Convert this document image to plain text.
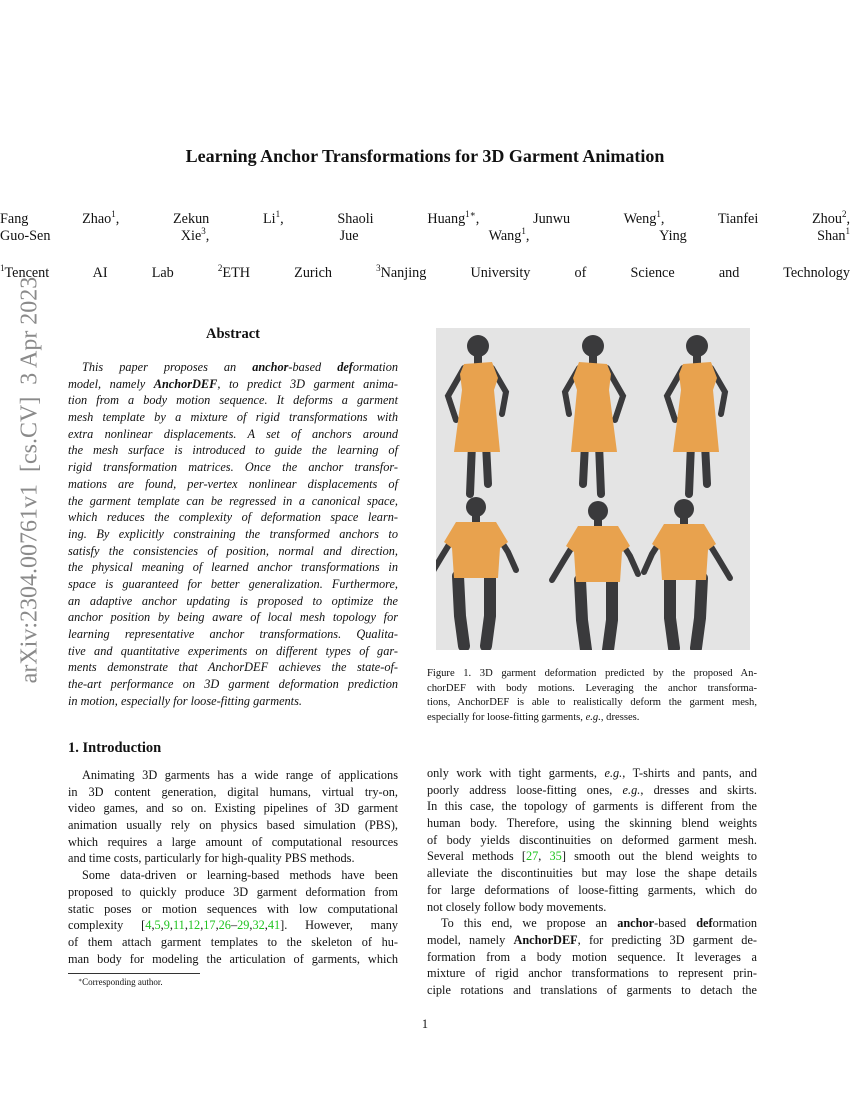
arXiv:2304.00761v1  [cs.CV]  3 Apr 2023
Learning Anchor Transformations for 3D Garment Animation
Fang Zhao$^1$, Zekun Li$^1$, Shaoli Huang$^{1∗}$, Junwu Weng$^1$, Tianfei Zhou$^2$,
Guo-Sen Xie$^3$, Jue Wang$^1$, Ying Shan$^1$
$^1$Tencent AI Lab $^2$ETH Zurich $^3$Nanjing University of Science and Technology
Abstract
This paper proposes an anchor-based deformation
model, namely AnchorDEF, to predict 3D garment anima-
tion from a body motion sequence. It deforms a garment
mesh template by a mixture of rigid transformations with
extra nonlinear displacements. A set of anchors around
the mesh surface is introduced to guide the learning of
rigid transformation matrices. Once the anchor transfor-
mations are found, per-vertex nonlinear displacements of
the garment template can be regressed in a canonical space,
which reduces the complexity of deformation space learn-
ing. By explicitly constraining the transformed anchors to
satisfy the consistencies of position, normal and direction,
the physical meaning of learned anchor transformations in
space is guaranteed for better generalization. Furthermore,
an adaptive anchor updating is proposed to optimize the
anchor position by being aware of local mesh topology for
learning representative anchor transformations. Qualita-
tive and quantitative experiments on different types of gar-
ments demonstrate that AnchorDEF achieves the state-of-
the-art performance on 3D garment deformation prediction
in motion, especially for loose-fitting garments.
Figure 1. 3D garment deformation predicted by the proposed An-
chorDEF with body motions. Leveraging the anchor transforma-
tions, AnchorDEF is able to realistically deform the garment mesh,
especially for loose-fitting garments, e.g., dresses.
1. Introduction
Animating 3D garments has a wide range of applications
in 3D content generation, digital humans, virtual try-on,
video games, and so on. Existing pipelines of 3D garment
animation usually rely on physics based simulation (PBS),
which requires a large amount of computational resources
and time costs, particularly for high-quality PBS methods.
Some data-driven or learning-based methods have been
proposed to quickly produce 3D garment deformation from
static poses or motion sequences with low computational
complexity [4,5,9,11,12,17,26–29,32,41]. However, many
of them attach garment templates to the skeleton of hu-
man body for modeling the articulation of garments, which
only work with tight garments, e.g., T-shirts and pants, and
poorly address loose-fitting ones, e.g., dresses and skirts.
In this case, the topology of garments is different from the
human body. Therefore, using the skinning blend weights
of body yields discontinuities on deformed garment mesh.
Several methods [27, 35] smooth out the blend weights to
alleviate the discontinuities but may lose the shape details
for large deformations of loose-fitting garments, which do
not closely follow body movements.
To this end, we propose an anchor-based deformation
model, namely AnchorDEF, for predicting 3D garment de-
formation from a body motion sequence. It leverages a
mixture of rigid anchor transformations to represent prin-
ciple rotations and translations of garments to detach the
∗Corresponding author.
1
